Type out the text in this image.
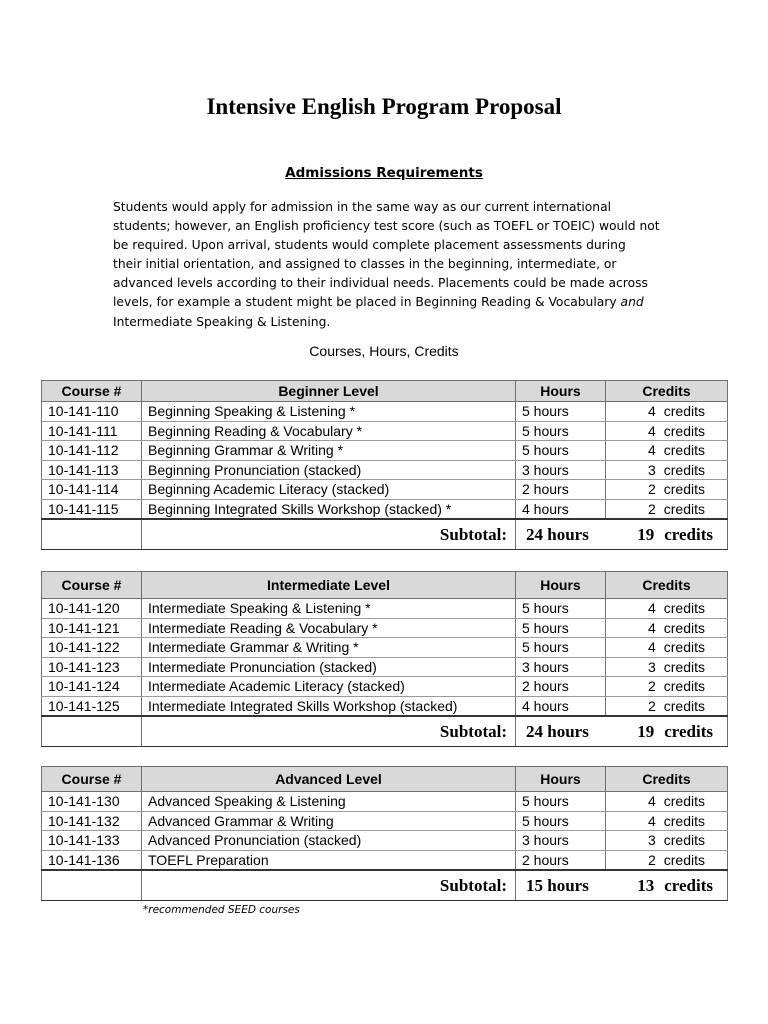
Intensive English Program Proposal
Admissions Requirements

Students would apply for admission in the same way as our current international

students; however, an English proficiency test score (such as TOEFL or TOEIC) would not

be required. Upon arrival, students would complete placement assessments during

their initial orientation, and assigned to classes in the beginning, intermediate, or

advanced levels according to their individual needs. Placements could be made across

levels, for example a student might be placed in Beginning Reading & Vocabulary and

Intermediate Speaking & Listening.

Courses, Hours, Credits
Course #	Beginner Level	Hours	Credits
10-141-110	Beginning Speaking & Listening *	5 hours	4 credits
10-141-111	Beginning Reading & Vocabulary *	5 hours	4 credits
10-141-112	Beginning Grammar & Writing *	5 hours	4 credits
10-141-113	Beginning Pronunciation (stacked)	3 hours	3 credits
10-141-114	Beginning Academic Literacy (stacked)	2 hours	2 credits
10-141-115	Beginning Integrated Skills Workshop (stacked) *	4 hours	2 credits
	Subtotal:	24 hours	19 credits
Course #	Intermediate Level	Hours	Credits
10-141-120	Intermediate Speaking & Listening *	5 hours	4 credits
10-141-121	Intermediate Reading & Vocabulary *	5 hours	4 credits
10-141-122	Intermediate Grammar & Writing *	5 hours	4 credits
10-141-123	Intermediate Pronunciation (stacked)	3 hours	3 credits
10-141-124	Intermediate Academic Literacy (stacked)	2 hours	2 credits
10-141-125	Intermediate Integrated Skills Workshop (stacked)	4 hours	2 credits
	Subtotal:	24 hours	19 credits
Course #	Advanced Level	Hours	Credits
10-141-130	Advanced Speaking & Listening	5 hours	4 credits
10-141-132	Advanced Grammar & Writing	5 hours	4 credits
10-141-133	Advanced Pronunciation (stacked)	3 hours	3 credits
10-141-136	TOEFL Preparation	2 hours	2 credits
	Subtotal:	15 hours	13 credits
*recommended SEED courses
